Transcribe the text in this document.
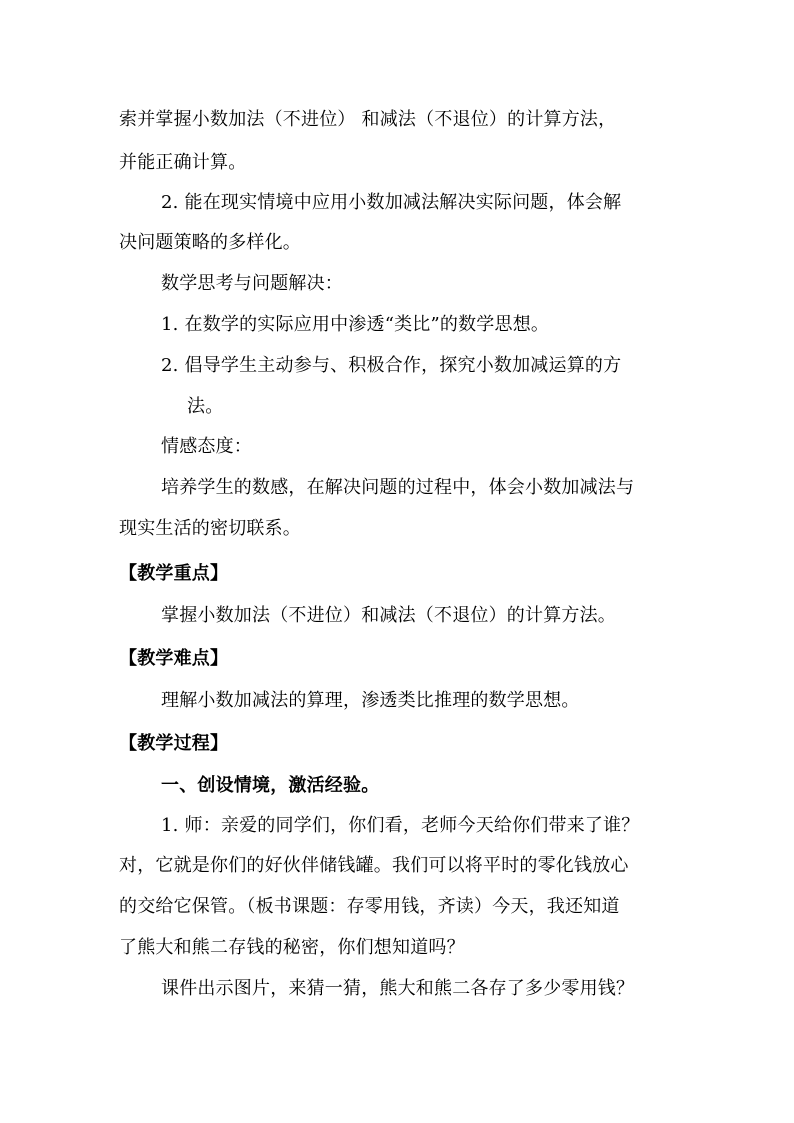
索并掌握小数加法（不进位） 和减法（不退位）的计算方法，
并能正确计算。
2. 能在现实情境中应用小数加减法解决实际问题，体会解
决问题策略的多样化。
数学思考与问题解决：
1. 在数学的实际应用中渗透“类比”的数学思想。
2. 倡导学生主动参与、积极合作，探究小数加减运算的方
法。
情感态度：
培养学生的数感，在解决问题的过程中，体会小数加减法与
现实生活的密切联系。
【教学重点】
掌握小数加法（不进位）和减法（不退位）的计算方法。
【教学难点】
理解小数加减法的算理，渗透类比推理的数学思想。
【教学过程】
一、创设情境，激活经验。
1. 师：亲爱的同学们，你们看，老师今天给你们带来了谁？
对，它就是你们的好伙伴储钱罐。我们可以将平时的零化钱放心
的交给它保管。（板书课题：存零用钱，齐读）今天，我还知道
了熊大和熊二存钱的秘密，你们想知道吗？
课件出示图片，来猜一猜，熊大和熊二各存了多少零用钱？
